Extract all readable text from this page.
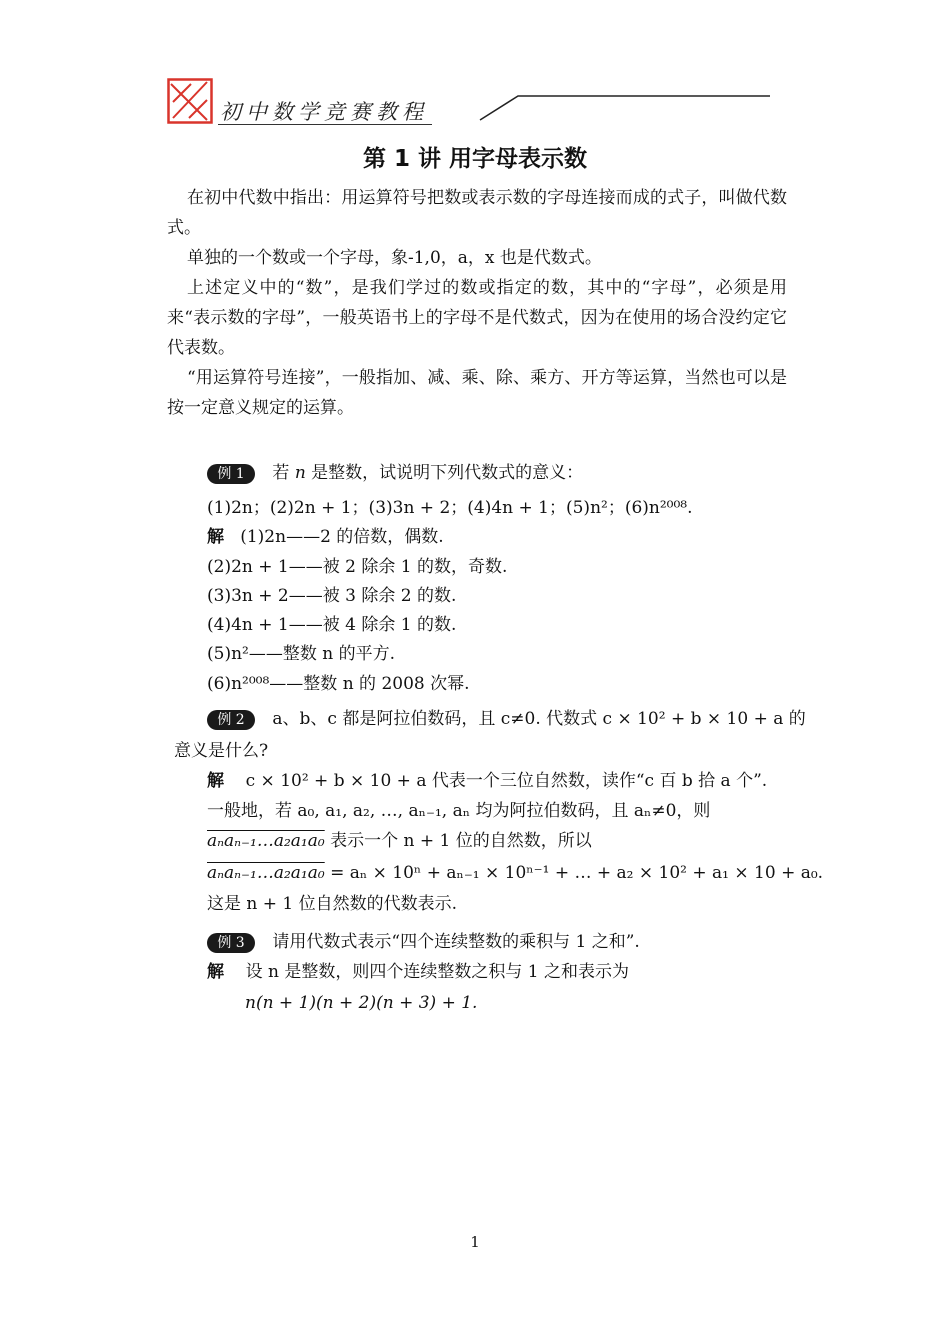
初中数学竞赛教程
第 1 讲 用字母表示数
在初中代数中指出：用运算符号把数或表示数的字母连接而成的式子，叫做代数式。
单独的一个数或一个字母，象-1,0，a，x 也是代数式。
上述定义中的“数”，是我们学过的数或指定的数，其中的“字母”，必须是用来“表示数的字母”，一般英语书上的字母不是代数式，因为在使用的场合没约定它代表数。
“用运算符号连接”，一般指加、减、乘、除、乘方、开方等运算，当然也可以是按一定意义规定的运算。
例 1 若 n 是整数，试说明下列代数式的意义：
(1)2n；(2)2n + 1；(3)3n + 2；(4)4n + 1；(5)n²；(6)n²⁰⁰⁸.
解 (1)2n——2 的倍数，偶数.
(2)2n + 1——被 2 除余 1 的数，奇数.
(3)3n + 2——被 3 除余 2 的数.
(4)4n + 1——被 4 除余 1 的数.
(5)n²——整数 n 的平方.
(6)n²⁰⁰⁸——整数 n 的 2008 次幂.
例 2 a、b、c 都是阿拉伯数码，且 c≠0. 代数式 c × 10² + b × 10 + a 的
意义是什么?
解 c × 10² + b × 10 + a 代表一个三位自然数，读作“c 百 b 拾 a 个”.
一般地，若 a₀, a₁, a₂, …, aₙ₋₁, aₙ 均为阿拉伯数码，且 aₙ≠0，则
aₙaₙ₋₁…a₂a₁a₀ 表示一个 n + 1 位的自然数，所以
aₙaₙ₋₁…a₂a₁a₀ = aₙ × 10ⁿ + aₙ₋₁ × 10ⁿ⁻¹ + … + a₂ × 10² + a₁ × 10 + a₀.
这是 n + 1 位自然数的代数表示.
例 3 请用代数式表示“四个连续整数的乘积与 1 之和”.
解 设 n 是整数，则四个连续整数之积与 1 之和表示为
n(n + 1)(n + 2)(n + 3) + 1.
1
